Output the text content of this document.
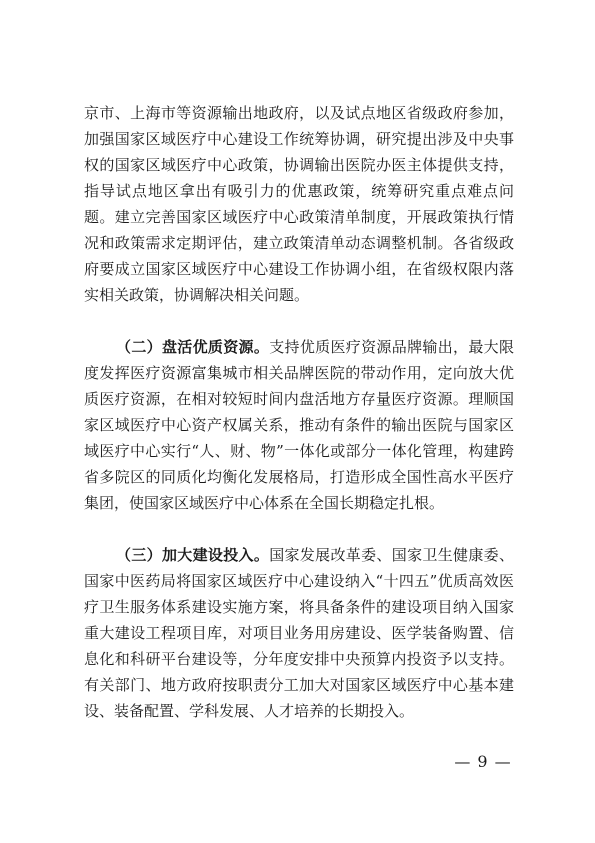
京市、上海市等资源输出地政府，以及试点地区省级政府参加，加强国家区域医疗中心建设工作统筹协调，研究提出涉及中央事权的国家区域医疗中心政策，协调输出医院办医主体提供支持，指导试点地区拿出有吸引力的优惠政策，统筹研究重点难点问题。建立完善国家区域医疗中心政策清单制度，开展政策执行情况和政策需求定期评估，建立政策清单动态调整机制。各省级政府要成立国家区域医疗中心建设工作协调小组，在省级权限内落实相关政策，协调解决相关问题。

（二）盘活优质资源。支持优质医疗资源品牌输出，最大限度发挥医疗资源富集城市相关品牌医院的带动作用，定向放大优质医疗资源，在相对较短时间内盘活地方存量医疗资源。理顺国家区域医疗中心资产权属关系，推动有条件的输出医院与国家区域医疗中心实行“人、财、物”一体化或部分一体化管理，构建跨省多院区的同质化均衡化发展格局，打造形成全国性高水平医疗集团，使国家区域医疗中心体系在全国长期稳定扎根。

（三）加大建设投入。国家发展改革委、国家卫生健康委、国家中医药局将国家区域医疗中心建设纳入“十四五”优质高效医疗卫生服务体系建设实施方案，将具备条件的建设项目纳入国家重大建设工程项目库，对项目业务用房建设、医学装备购置、信息化和科研平台建设等，分年度安排中央预算内投资予以支持。有关部门、地方政府按职责分工加大对国家区域医疗中心基本建设、装备配置、学科发展、人才培养的长期投入。

— 9 —
